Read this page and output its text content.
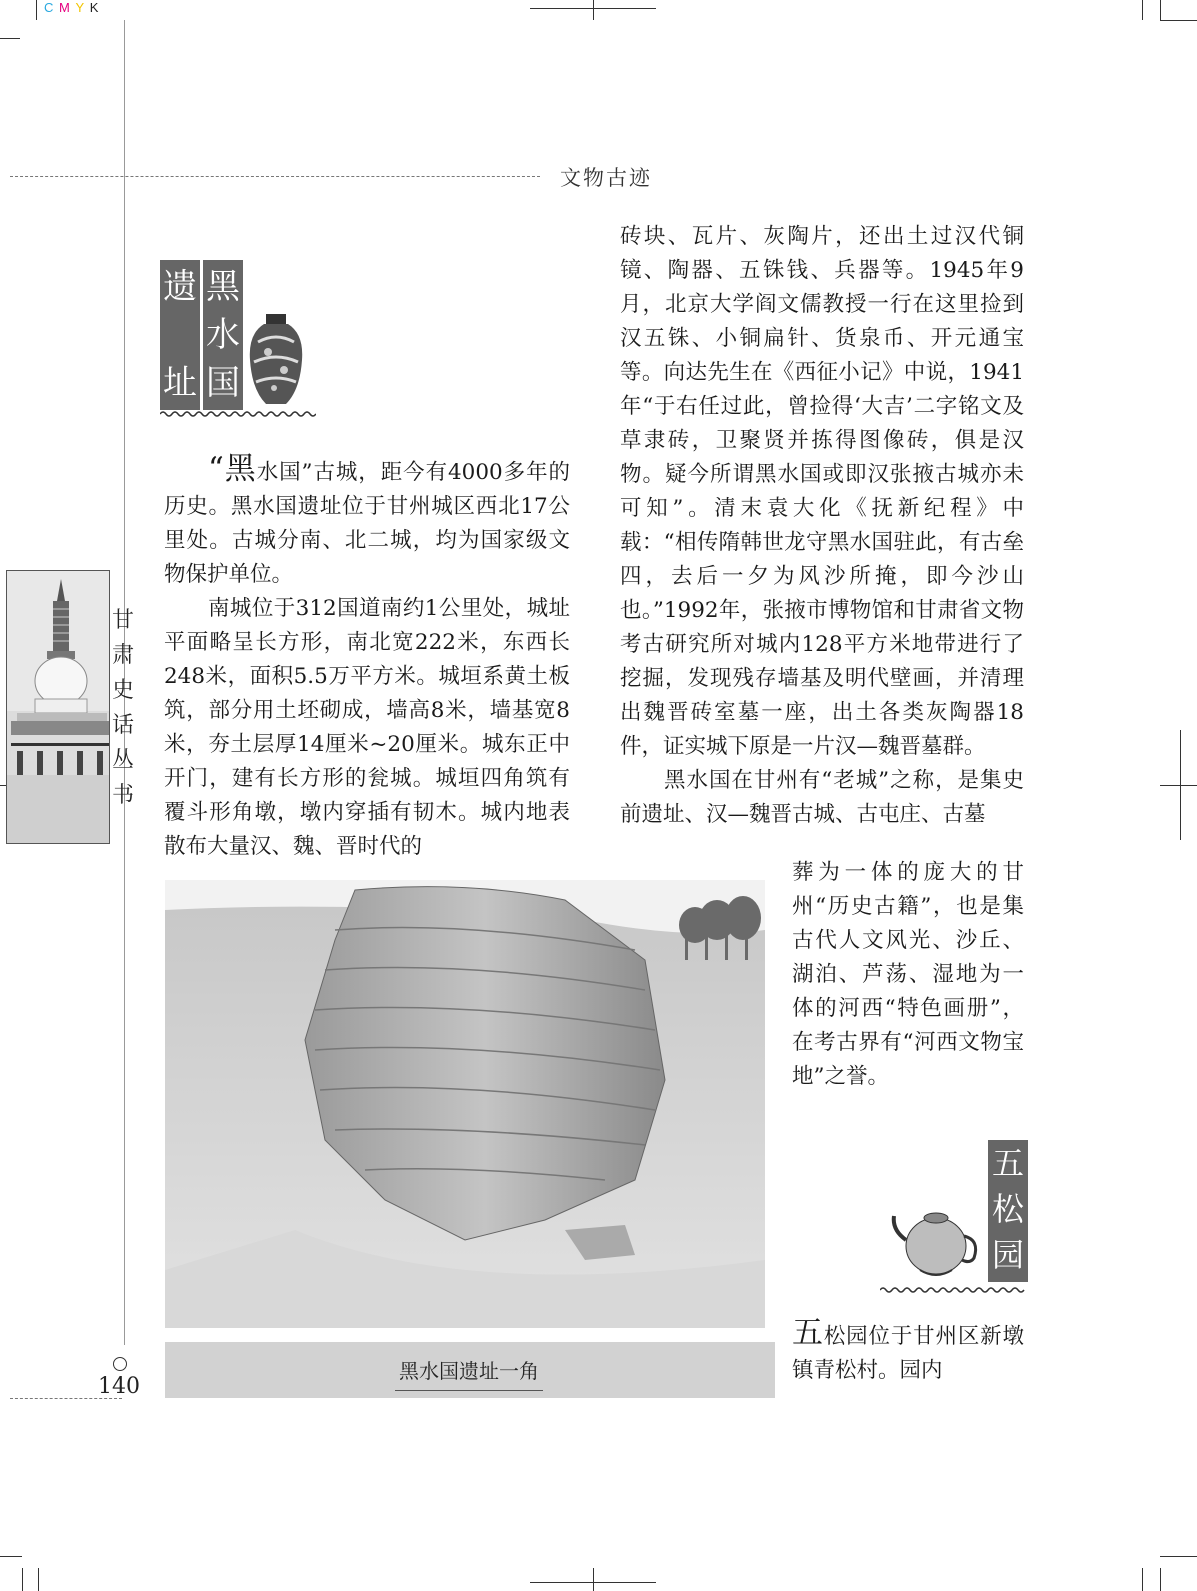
C M Y K
文物古迹
甘
肃
史
话
丛
书
遗
址
黑
水
国

“黑水国”古城，距今有4000多年的历史。黑水国遗址位于甘州城区西北17公里处。古城分南、北二城，均为国家级文物保护单位。

南城位于312国道南约1公里处，城址平面略呈长方形，南北宽222米，东西长248米，面积5.5万平方米。城垣系黄土板筑，部分用土坯砌成，墙高8米，墙基宽8米，夯土层厚14厘米~20厘米。城东正中开门，建有长方形的瓮城。城垣四角筑有覆斗形角墩，墩内穿插有韧木。城内地表散布大量汉、魏、晋时代的

砖块、瓦片、灰陶片，还出土过汉代铜镜、陶器、五铢钱、兵器等。1945年9月，北京大学阎文儒教授一行在这里捡到汉五铢、小铜扁针、货泉币、开元通宝等。向达先生在《西征小记》中说，1941年“于右任过此，曾捡得‘大吉’二字铭文及草隶砖，卫聚贤并拣得图像砖，俱是汉物。疑今所谓黑水国或即汉张掖古城亦未可知”。清末袁大化《抚新纪程》中载：“相传隋韩世龙守黑水国驻此，有古垒四，去后一夕为风沙所掩，即今沙山也。”1992年，张掖市博物馆和甘肃省文物考古研究所对城内128平方米地带进行了挖掘，发现残存墙基及明代壁画，并清理出魏晋砖室墓一座，出土各类灰陶器18件，证实城下原是一片汉—魏晋墓群。

黑水国在甘州有“老城”之称，是集史前遗址、汉—魏晋古城、古屯庄、古墓

葬为一体的庞大的甘州“历史古籍”，也是集古代人文风光、沙丘、湖泊、芦荡、湿地为一体的河西“特色画册”，在考古界有“河西文物宝地”之誉。

黑水国遗址一角
五
松
园

五松园位于甘州区新墩镇青松村。园内

140
